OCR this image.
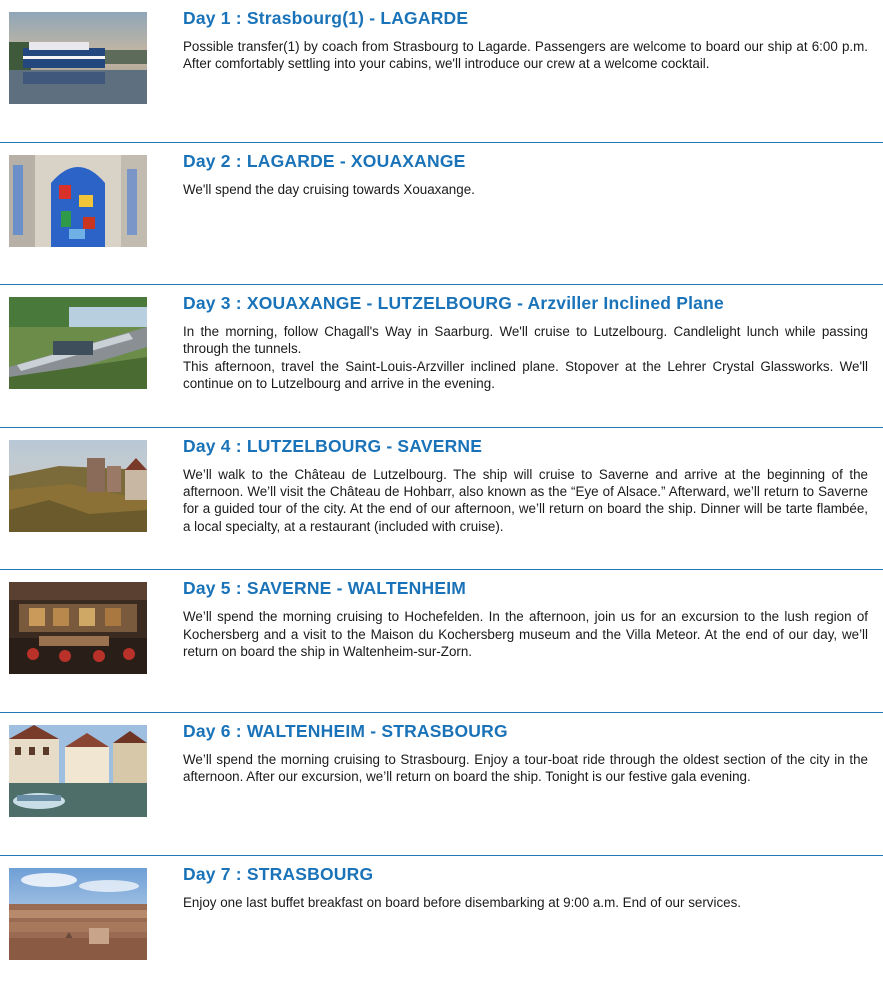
Day 1 : Strasbourg(1) - LAGARDE

Possible transfer(1) by coach from Strasbourg to Lagarde. Passengers are welcome to board our ship at 6:00 p.m. After comfortably settling into your cabins, we'll introduce our crew at a welcome cocktail.

Day 2 : LAGARDE - XOUAXANGE

We'll spend the day cruising towards Xouaxange.

Day 3 : XOUAXANGE - LUTZELBOURG - Arzviller Inclined Plane

In the morning, follow Chagall's Way in Saarburg. We'll cruise to Lutzelbourg. Candlelight lunch while passing through the tunnels.

This afternoon, travel the Saint-Louis-Arzviller inclined plane. Stopover at the Lehrer Crystal Glassworks. We'll continue on to Lutzelbourg and arrive in the evening.

Day 4 : LUTZELBOURG - SAVERNE

We’ll walk to the Château de Lutzelbourg. The ship will cruise to Saverne and arrive at the beginning of the afternoon. We’ll visit the Château de Hohbarr, also known as the “Eye of Alsace.” Afterward, we’ll return to Saverne for a guided tour of the city. At the end of our afternoon, we’ll return on board the ship. Dinner will be tarte flambée, a local specialty, at a restaurant (included with cruise).

Day 5 : SAVERNE - WALTENHEIM

We’ll spend the morning cruising to Hochefelden. In the afternoon, join us for an excursion to the lush region of Kochersberg and a visit to the Maison du Kochersberg museum and the Villa Meteor. At the end of our day, we’ll return on board the ship in Waltenheim-sur-Zorn.

Day 6 : WALTENHEIM - STRASBOURG

We’ll spend the morning cruising to Strasbourg. Enjoy a tour-boat ride through the oldest section of the city in the afternoon. After our excursion, we’ll return on board the ship. Tonight is our festive gala evening.

Day 7 : STRASBOURG

Enjoy one last buffet breakfast on board before disembarking at 9:00 a.m. End of our services.
